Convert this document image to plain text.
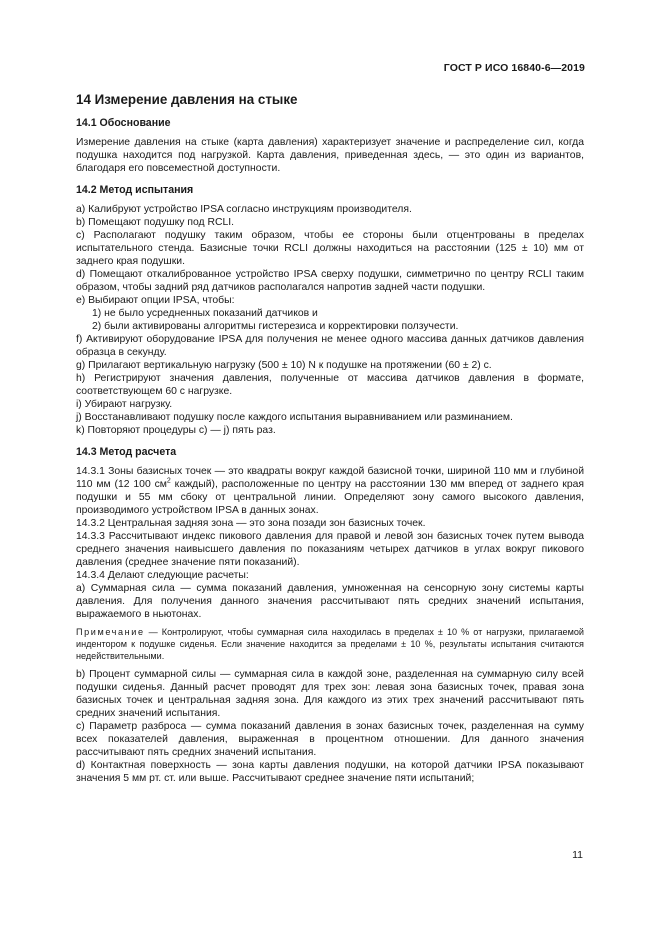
ГОСТ Р ИСО 16840-6—2019
14 Измерение давления на стыке
14.1 Обоснование

Измерение давления на стыке (карта давления) характеризует значение и распределение сил, когда подушка находится под нагрузкой. Карта давления, приведенная здесь, — это один из вариантов, благодаря его повсеместной доступности.

14.2 Метод испытания

а) Калибруют устройство IPSA согласно инструкциям производителя.

b) Помещают подушку под RCLI.

c) Располагают подушку таким образом, чтобы ее стороны были отцентрованы в пределах испытательного стенда. Базисные точки RCLI должны находиться на расстоянии (125 ± 10) мм от заднего края подушки.

d) Помещают откалиброванное устройство IPSA сверху подушки, симметрично по центру RCLI таким образом, чтобы задний ряд датчиков располагался напротив задней части подушки.

e) Выбирают опции IPSA, чтобы:

1) не было усредненных показаний датчиков и

2) были активированы алгоритмы гистерезиса и корректировки ползучести.

f) Активируют оборудование IPSA для получения не менее одного массива данных датчиков давления образца в секунду.

g) Прилагают вертикальную нагрузку (500 ± 10) N к подушке на протяжении (60 ± 2) с.

h) Регистрируют значения давления, полученные от массива датчиков давления в формате, соответствующем 60 с нагрузке.

i) Убирают нагрузку.

j) Восстанавливают подушку после каждого испытания выравниванием или разминанием.

k) Повторяют процедуры с) — j) пять раз.

14.3 Метод расчета

14.3.1 Зоны базисных точек — это квадраты вокруг каждой базисной точки, шириной 110 мм и глубиной 110 мм (12 100 $см^2$ каждый), расположенные по центру на расстоянии 130 мм вперед от заднего края подушки и 55 мм сбоку от центральной линии. Определяют зону самого высокого давления, производимого устройством IPSA в данных зонах.

14.3.2 Центральная задняя зона — это зона позади зон базисных точек.

14.3.3 Рассчитывают индекс пикового давления для правой и левой зон базисных точек путем вывода среднего значения наивысшего давления по показаниям четырех датчиков в углах вокруг пикового давления (среднее значение пяти показаний).

14.3.4 Делают следующие расчеты:

а) Суммарная сила — сумма показаний давления, умноженная на сенсорную зону системы карты давления. Для получения данного значения рассчитывают пять средних значений испытания, выражаемого в ньютонах.

Примечание — Контролируют, чтобы суммарная сила находилась в пределах ± 10 % от нагрузки, прилагаемой индентором к подушке сиденья. Если значение находится за пределами ± 10 %, результаты испытания считаются недействительными.

b) Процент суммарной силы — суммарная сила в каждой зоне, разделенная на суммарную силу всей подушки сиденья. Данный расчет проводят для трех зон: левая зона базисных точек, правая зона базисных точек и центральная задняя зона. Для каждого из этих трех значений рассчитывают пять средних значений испытания.

c) Параметр разброса — сумма показаний давления в зонах базисных точек, разделенная на сумму всех показателей давления, выраженная в процентном отношении. Для данного значения рассчитывают пять средних значений испытания.

d) Контактная поверхность — зона карты давления подушки, на которой датчики IPSA показывают значения 5 мм рт. ст. или выше. Рассчитывают среднее значение пяти испытаний;

11
